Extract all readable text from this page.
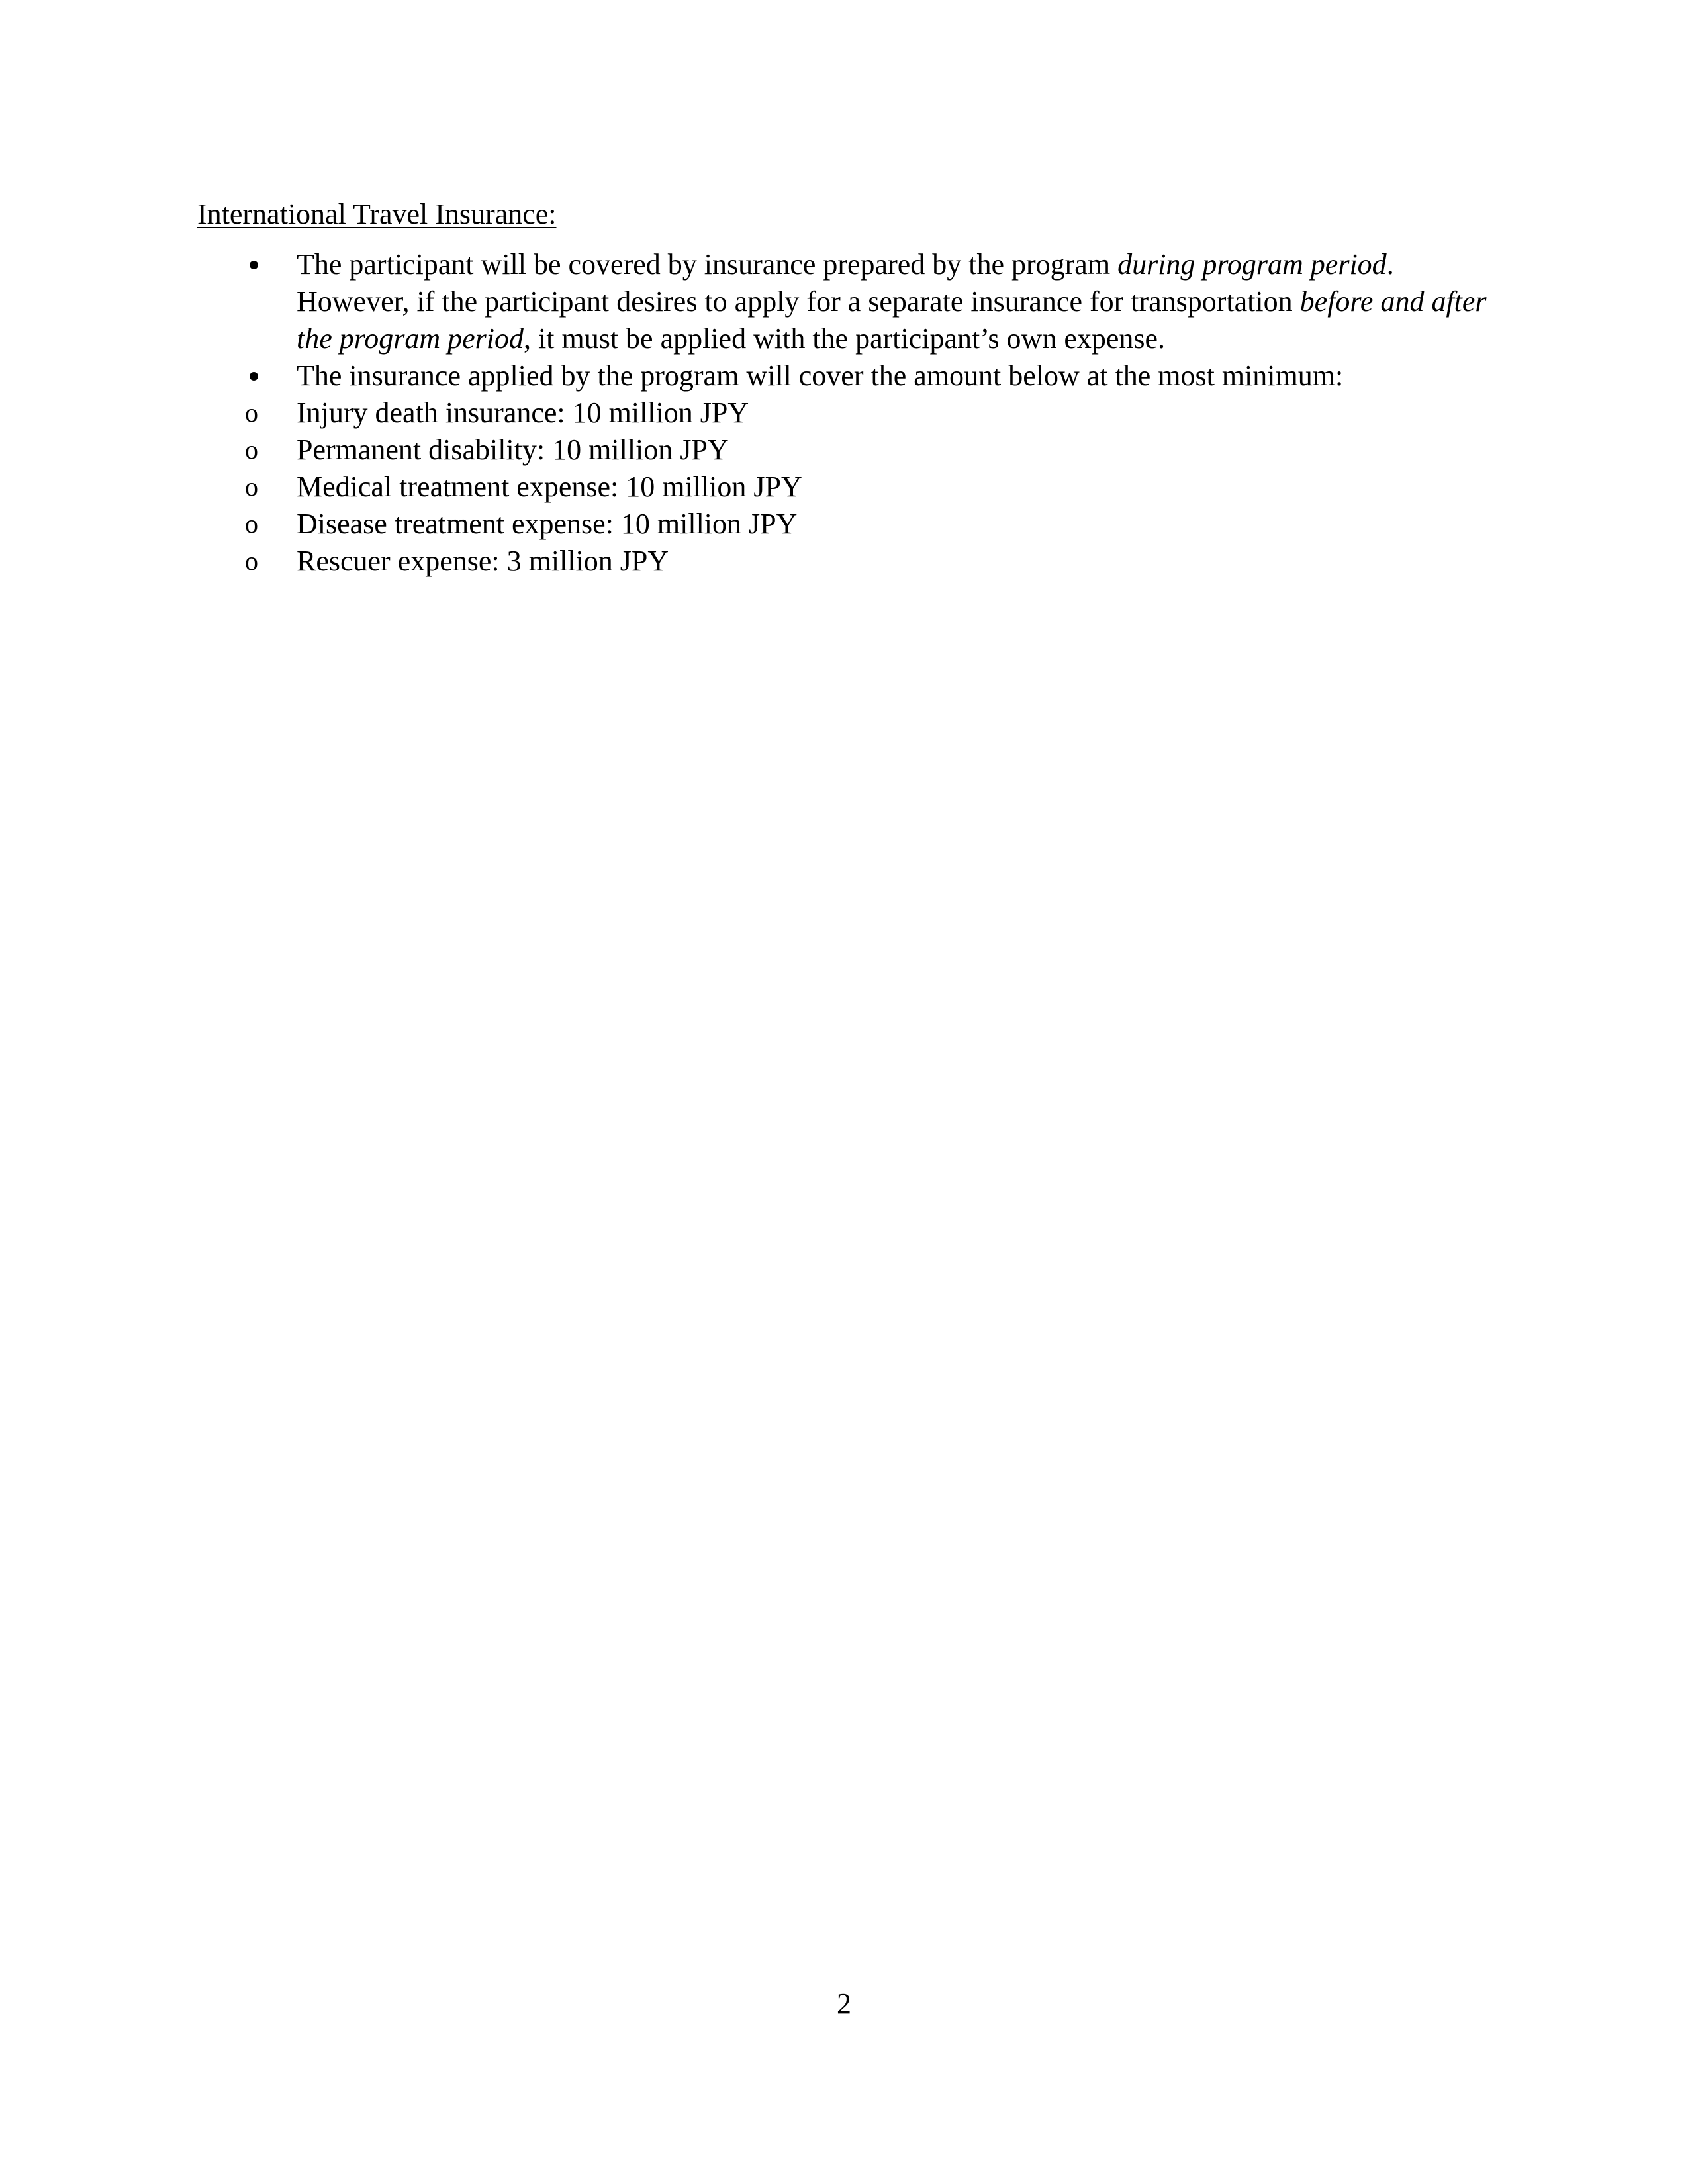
International Travel Insurance:

The participant will be covered by insurance prepared by the program during program period. However, if the participant desires to apply for a separate insurance for transportation before and after the program period, it must be applied with the participant’s own expense.
The insurance applied by the program will cover the amount below at the most minimum:
o Injury death insurance: 10 million JPY
o Permanent disability: 10 million JPY
o Medical treatment expense: 10 million JPY
o Disease treatment expense: 10 million JPY
o Rescuer expense: 3 million JPY
2
